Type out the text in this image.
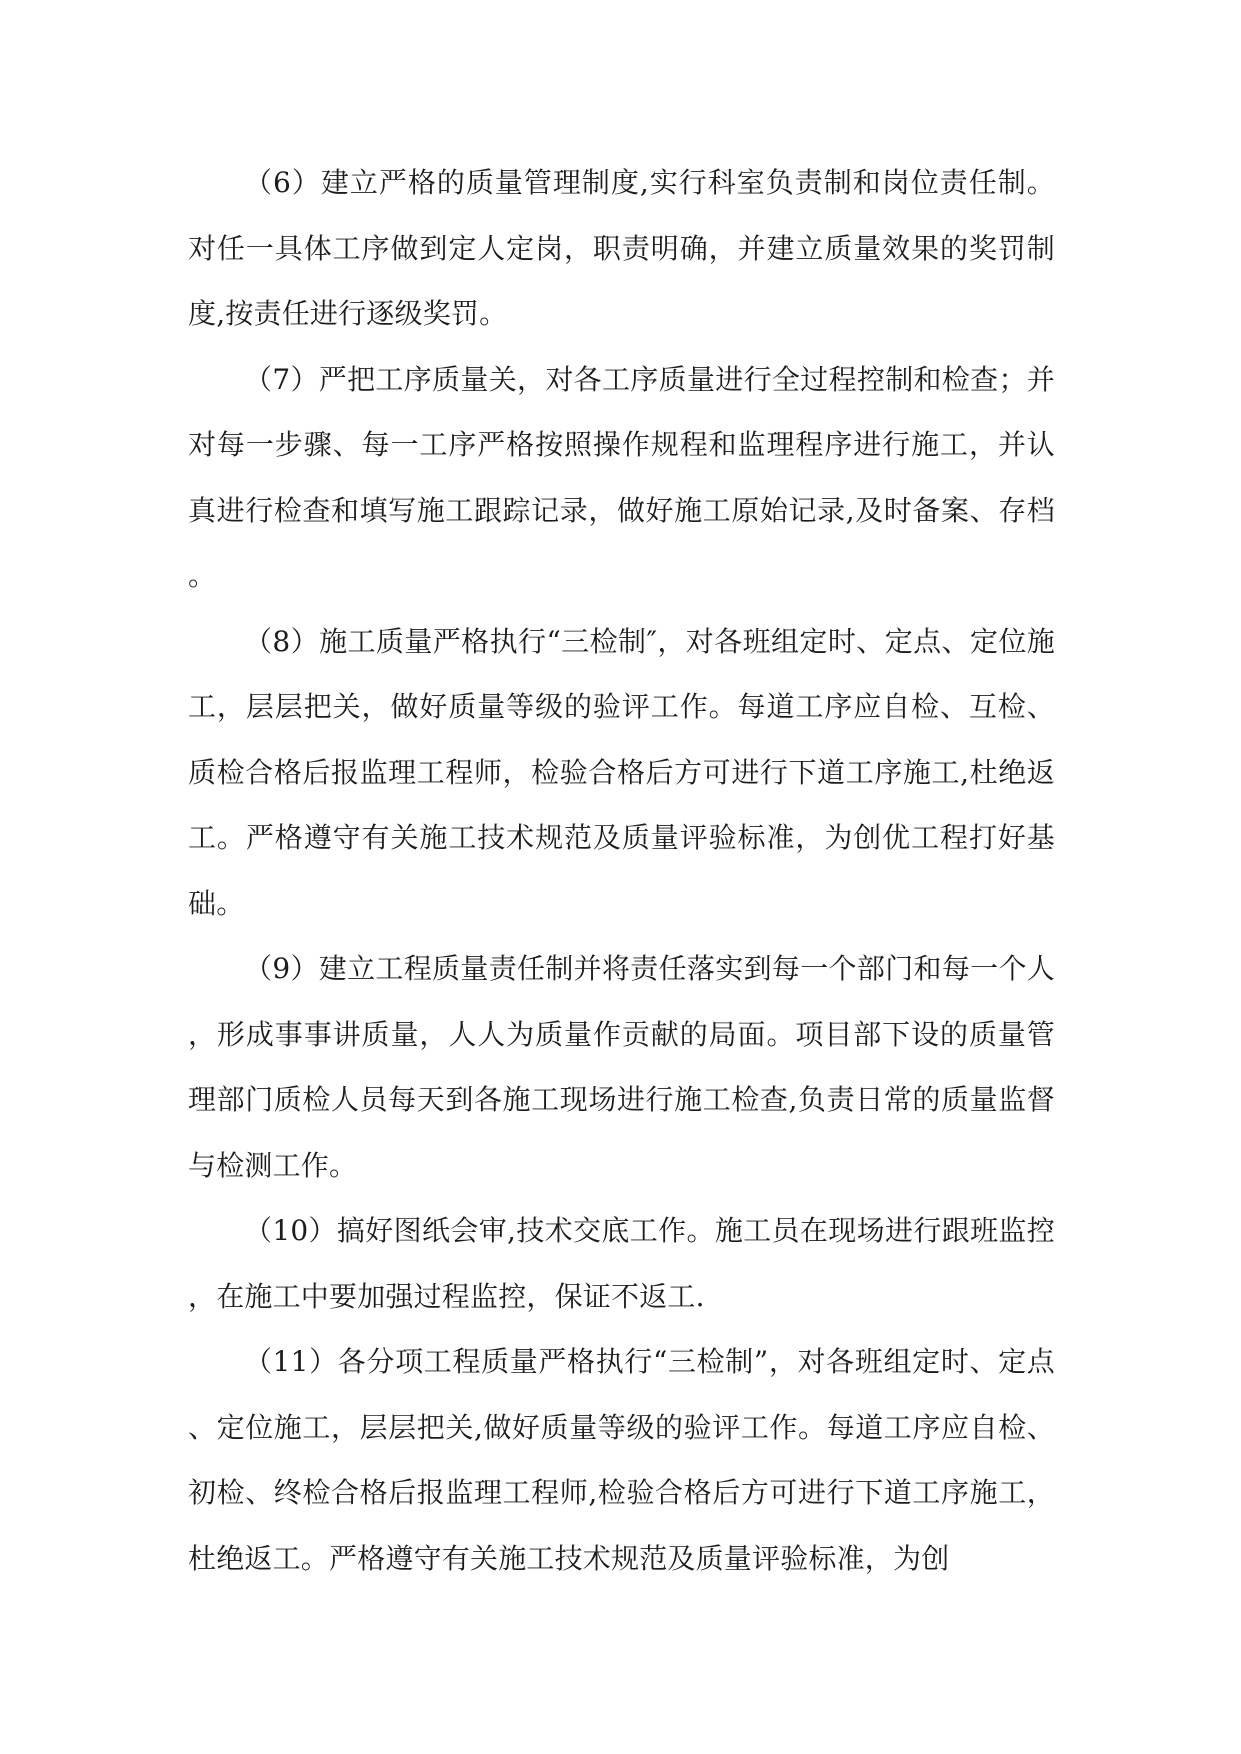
（6）建立严格的质量管理制度,实行科室负责制和岗位责任制。对任一具体工序做到定人定岗，职责明确，并建立质量效果的奖罚制度,按责任进行逐级奖罚。

（7）严把工序质量关，对各工序质量进行全过程控制和检查；并对每一步骤、每一工序严格按照操作规程和监理程序进行施工，并认真进行检查和填写施工跟踪记录，做好施工原始记录,及时备案、存档。

（8）施工质量严格执行“三检制″，对各班组定时、定点、定位施工，层层把关，做好质量等级的验评工作。每道工序应自检、互检、质检合格后报监理工程师，检验合格后方可进行下道工序施工,杜绝返工。严格遵守有关施工技术规范及质量评验标准，为创优工程打好基础。

（9）建立工程质量责任制并将责任落实到每一个部门和每一个人，形成事事讲质量，人人为质量作贡献的局面。项目部下设的质量管理部门质检人员每天到各施工现场进行施工检查,负责日常的质量监督与检测工作。

（10）搞好图纸会审,技术交底工作。施工员在现场进行跟班监控，在施工中要加强过程监控，保证不返工.

（11）各分项工程质量严格执行“三检制”，对各班组定时、定点、定位施工，层层把关,做好质量等级的验评工作。每道工序应自检、初检、终检合格后报监理工程师,检验合格后方可进行下道工序施工，杜绝返工。严格遵守有关施工技术规范及质量评验标准，为创
